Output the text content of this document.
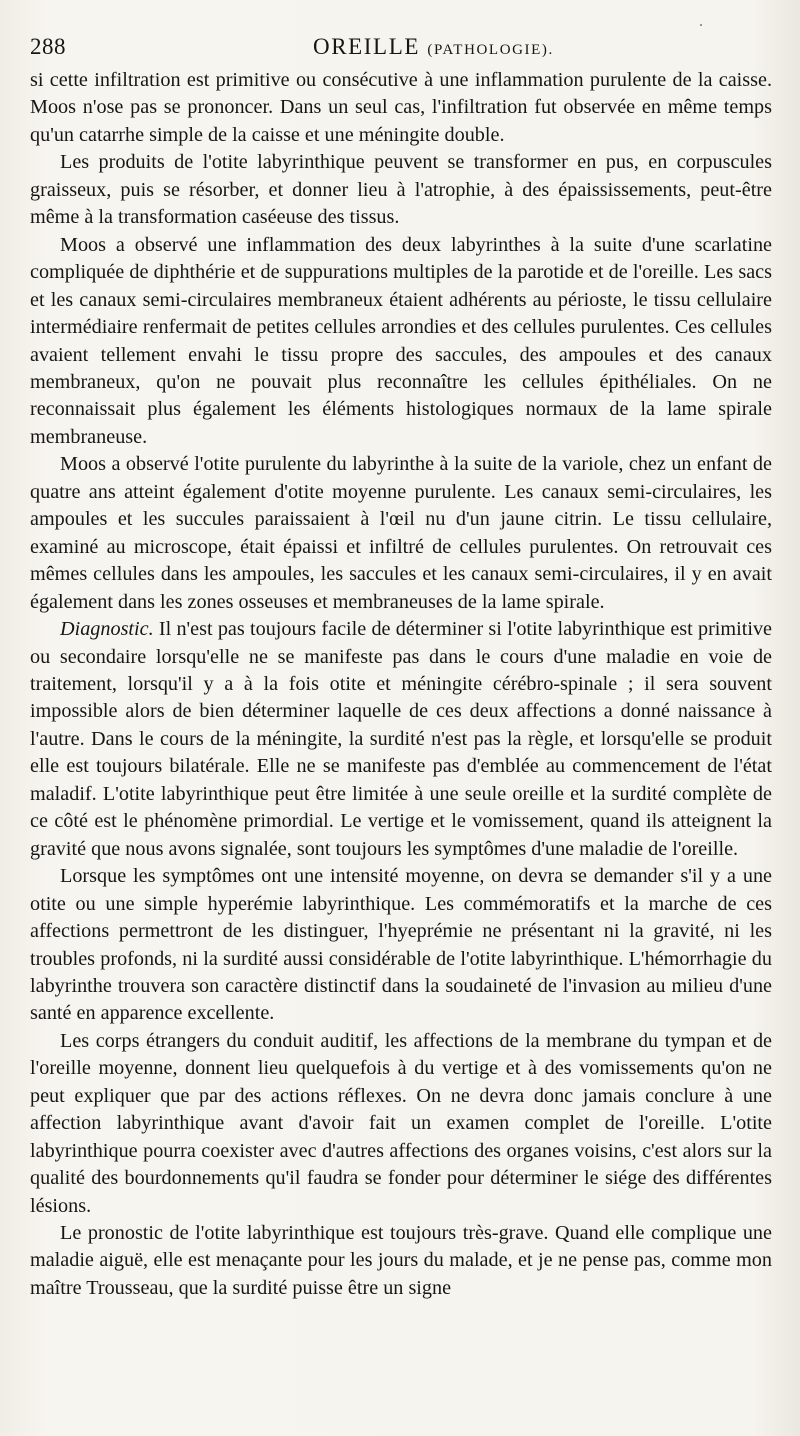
288	OREILLE (PATHOLOGIE).

si cette infiltration est primitive ou consécutive à une inflammation purulente de la caisse. Moos n'ose pas se prononcer. Dans un seul cas, l'infiltration fut observée en même temps qu'un catarrhe simple de la caisse et une méningite double.

Les produits de l'otite labyrinthique peuvent se transformer en pus, en corpuscules graisseux, puis se résorber, et donner lieu à l'atrophie, à des épaississements, peut-être même à la transformation caséeuse des tissus.

Moos a observé une inflammation des deux labyrinthes à la suite d'une scarlatine compliquée de diphthérie et de suppurations multiples de la parotide et de l'oreille. Les sacs et les canaux semi-circulaires membraneux étaient adhérents au périoste, le tissu cellulaire intermédiaire renfermait de petites cellules arrondies et des cellules purulentes. Ces cellules avaient tellement envahi le tissu propre des saccules, des ampoules et des canaux membraneux, qu'on ne pouvait plus reconnaître les cellules épithéliales. On ne reconnaissait plus également les éléments histologiques normaux de la lame spirale membraneuse.

Moos a observé l'otite purulente du labyrinthe à la suite de la variole, chez un enfant de quatre ans atteint également d'otite moyenne purulente. Les canaux semi-circulaires, les ampoules et les succules paraissaient à l'œil nu d'un jaune citrin. Le tissu cellulaire, examiné au microscope, était épaissi et infiltré de cellules purulentes. On retrouvait ces mêmes cellules dans les ampoules, les saccules et les canaux semi-circulaires, il y en avait également dans les zones osseuses et membraneuses de la lame spirale.

Diagnostic. Il n'est pas toujours facile de déterminer si l'otite labyrinthique est primitive ou secondaire lorsqu'elle ne se manifeste pas dans le cours d'une maladie en voie de traitement, lorsqu'il y a à la fois otite et méningite cérébro-spinale ; il sera souvent impossible alors de bien déterminer laquelle de ces deux affections a donné naissance à l'autre. Dans le cours de la méningite, la surdité n'est pas la règle, et lorsqu'elle se produit elle est toujours bilatérale. Elle ne se manifeste pas d'emblée au commencement de l'état maladif. L'otite labyrinthique peut être limitée à une seule oreille et la surdité complète de ce côté est le phénomène primordial. Le vertige et le vomissement, quand ils atteignent la gravité que nous avons signalée, sont toujours les symptômes d'une maladie de l'oreille.

Lorsque les symptômes ont une intensité moyenne, on devra se demander s'il y a une otite ou une simple hyperémie labyrinthique. Les commémoratifs et la marche de ces affections permettront de les distinguer, l'hyeprémie ne présentant ni la gravité, ni les troubles profonds, ni la surdité aussi considérable de l'otite labyrinthique. L'hémorrhagie du labyrinthe trouvera son caractère distinctif dans la soudaineté de l'invasion au milieu d'une santé en apparence excellente.

Les corps étrangers du conduit auditif, les affections de la membrane du tympan et de l'oreille moyenne, donnent lieu quelquefois à du vertige et à des vomissements qu'on ne peut expliquer que par des actions réflexes. On ne devra donc jamais conclure à une affection labyrinthique avant d'avoir fait un examen complet de l'oreille. L'otite labyrinthique pourra coexister avec d'autres affections des organes voisins, c'est alors sur la qualité des bourdonnements qu'il faudra se fonder pour déterminer le siége des différentes lésions.

Le pronostic de l'otite labyrinthique est toujours très-grave. Quand elle complique une maladie aiguë, elle est menaçante pour les jours du malade, et je ne pense pas, comme mon maître Trousseau, que la surdité puisse être un signe
